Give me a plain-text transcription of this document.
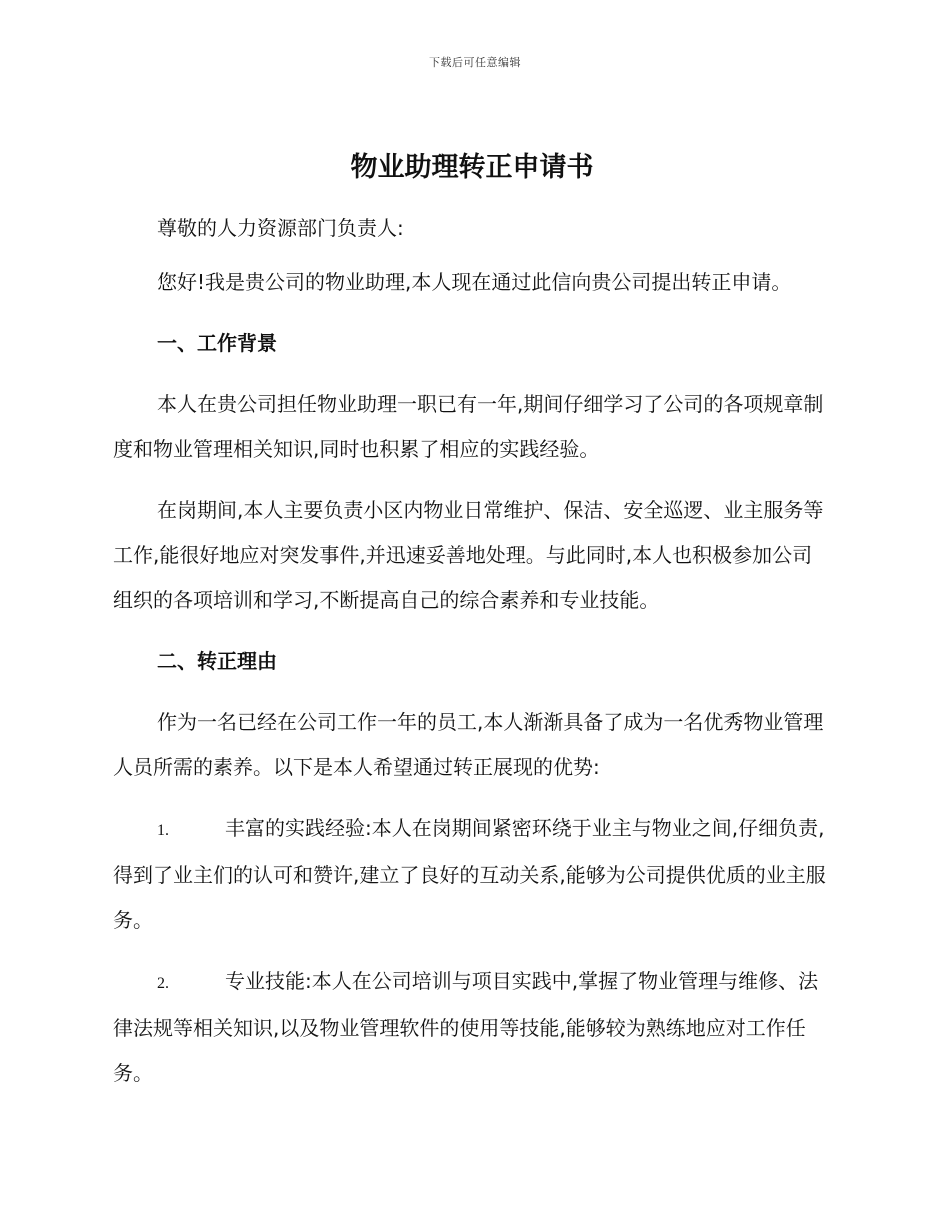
下载后可任意编辑
物业助理转正申请书

尊敬的人力资源部门负责人:

您好!我是贵公司的物业助理,本人现在通过此信向贵公司提出转正申请。

一、工作背景

本人在贵公司担任物业助理一职已有一年,期间仔细学习了公司的各项规章制度和物业管理相关知识,同时也积累了相应的实践经验。

在岗期间,本人主要负责小区内物业日常维护、保洁、安全巡逻、业主服务等工作,能很好地应对突发事件,并迅速妥善地处理。与此同时,本人也积极参加公司组织的各项培训和学习,不断提高自己的综合素养和专业技能。

二、转正理由

作为一名已经在公司工作一年的员工,本人渐渐具备了成为一名优秀物业管理人员所需的素养。以下是本人希望通过转正展现的优势:

1.	丰富的实践经验:本人在岗期间紧密环绕于业主与物业之间,仔细负责,得到了业主们的认可和赞许,建立了良好的互动关系,能够为公司提供优质的业主服务。

2.	专业技能:本人在公司培训与项目实践中,掌握了物业管理与维修、法律法规等相关知识,以及物业管理软件的使用等技能,能够较为熟练地应对工作任务。
